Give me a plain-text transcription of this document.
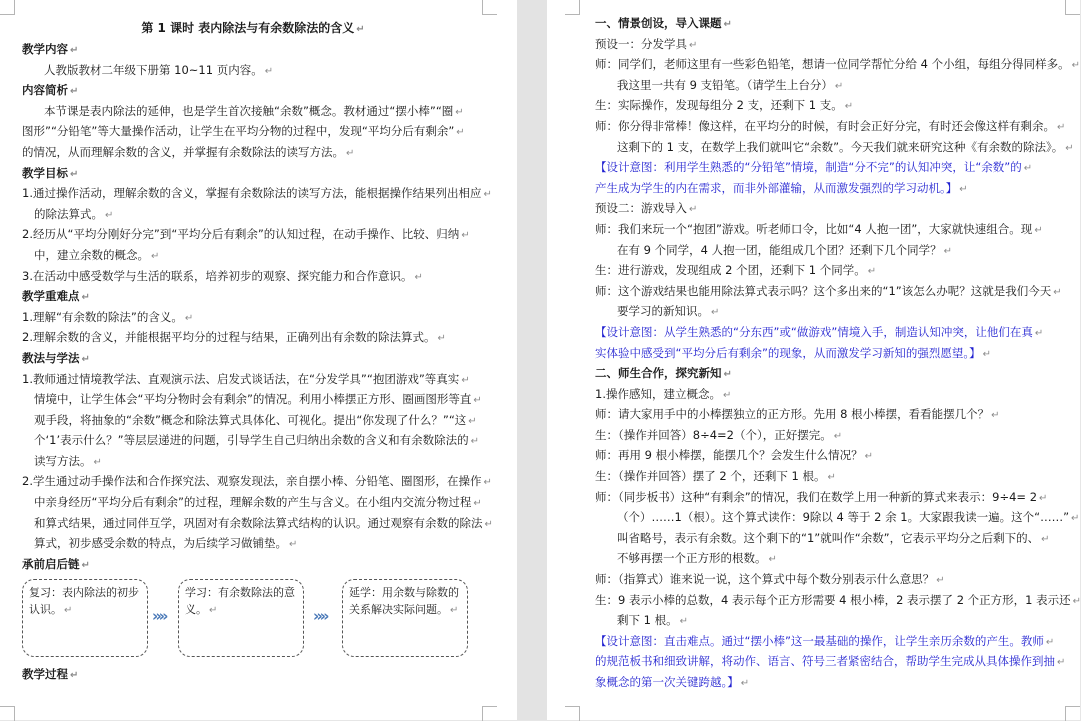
第 1 课时 表内除法与有余数除法的含义 ↵
教学内容 ↵
人教版教材二年级下册第 10~11 页内容。 ↵
内容简析 ↵
本节课是表内除法的延伸，也是学生首次接触“余数”概念。教材通过“摆小棒”“圈 ↵
图形”“分铅笔”等大量操作活动，让学生在平均分物的过程中，发现“平均分后有剩余” ↵
的情况，从而理解余数的含义，并掌握有余数除法的读写方法。 ↵
教学目标 ↵
1.通过操作活动，理解余数的含义，掌握有余数除法的读写方法，能根据操作结果列出相应 ↵
的除法算式。 ↵
2.经历从“平均分刚好分完”到“平均分后有剩余”的认知过程，在动手操作、比较、归纳 ↵
中，建立余数的概念。 ↵
3.在活动中感受数学与生活的联系，培养初步的观察、探究能力和合作意识。 ↵
教学重难点 ↵
1.理解“有余数的除法”的含义。 ↵
2.理解余数的含义，并能根据平均分的过程与结果，正确列出有余数的除法算式。 ↵
教法与学法 ↵
1.教师通过情境教学法、直观演示法、启发式谈话法，在“分发学具”“抱团游戏”等真实 ↵
情境中，让学生体会“平均分物时会有剩余”的情况。利用小棒摆正方形、圈画图形等直 ↵
观手段，将抽象的“余数”概念和除法算式具体化、可视化。提出“你发现了什么？”“这 ↵
个‘1’表示什么？”等层层递进的问题，引导学生自己归纳出余数的含义和有余数除法的 ↵
读写方法。 ↵
2.学生通过动手操作法和合作探究法、观察发现法，亲自摆小棒、分铅笔、圈图形，在操作 ↵
中亲身经历“平均分后有剩余”的过程，理解余数的产生与含义。在小组内交流分物过程 ↵
和算式结果，通过同伴互学，巩固对有余数除法算式结构的认识。通过观察有余数的除法 ↵
算式，初步感受余数的特点，为后续学习做铺垫。 ↵
承前启后链 ↵
复习：表内除法的初步认识。 ↵	»»
学习：有余数除法的意义。 ↵	»»
延学：用余数与除数的关系解决实际问题。 ↵
教学过程 ↵
一、情景创设，导入课题 ↵
预设一：分发学具 ↵
师：同学们，老师这里有一些彩色铅笔，想请一位同学帮忙分给 4 个小组，每组分得同样多。 ↵
我这里一共有 9 支铅笔。（请学生上台分） ↵
生：实际操作，发现每组分 2 支，还剩下 1 支。 ↵
师：你分得非常棒！像这样，在平均分的时候，有时会正好分完，有时还会像这样有剩余。 ↵
这剩下的 1 支，在数学上我们就叫它“余数”。今天我们就来研究这种《有余数的除法》。 ↵
【设计意图：利用学生熟悉的“分铅笔”情境，制造“分不完”的认知冲突，让“余数”的 ↵
产生成为学生的内在需求，而非外部灌输，从而激发强烈的学习动机。】 ↵
预设二：游戏导入 ↵
师：我们来玩一个“抱团”游戏。听老师口令，比如“4 人抱一团”，大家就快速组合。现 ↵
在有 9 个同学，4 人抱一团，能组成几个团？还剩下几个同学？ ↵
生：进行游戏，发现组成 2 个团，还剩下 1 个同学。 ↵
师：这个游戏结果也能用除法算式表示吗？这个多出来的“1”该怎么办呢？这就是我们今天 ↵
要学习的新知识。 ↵
【设计意图：从学生熟悉的“分东西”或“做游戏”情境入手，制造认知冲突，让他们在真 ↵
实体验中感受到“平均分后有剩余”的现象，从而激发学习新知的强烈愿望。】 ↵
二、师生合作，探究新知 ↵
1.操作感知，建立概念。 ↵
师：请大家用手中的小棒摆独立的正方形。先用 8 根小棒摆，看看能摆几个？ ↵
生：（操作并回答）8÷4=2（个），正好摆完。 ↵
师：再用 9 根小棒摆，能摆几个？会发生什么情况？ ↵
生：（操作并回答）摆了 2 个，还剩下 1 根。 ↵
师：（同步板书）这种“有剩余”的情况，我们在数学上用一种新的算式来表示：9÷4= 2 ↵
（个）……1（根）。这个算式读作：9除以 4 等于 2 余 1。大家跟我读一遍。这个“……” ↵
叫省略号，表示有余数。这个剩下的“1”就叫作“余数”，它表示平均分之后剩下的、 ↵
不够再摆一个正方形的根数。 ↵
师：（指算式）谁来说一说，这个算式中每个数分别表示什么意思？ ↵
生：9 表示小棒的总数，4 表示每个正方形需要 4 根小棒，2 表示摆了 2 个正方形，1 表示还 ↵
剩下 1 根。 ↵
【设计意图：直击难点。通过“摆小棒”这一最基础的操作，让学生亲历余数的产生。教师 ↵
的规范板书和细致讲解，将动作、语言、符号三者紧密结合，帮助学生完成从具体操作到抽 ↵
象概念的第一次关键跨越。】 ↵
